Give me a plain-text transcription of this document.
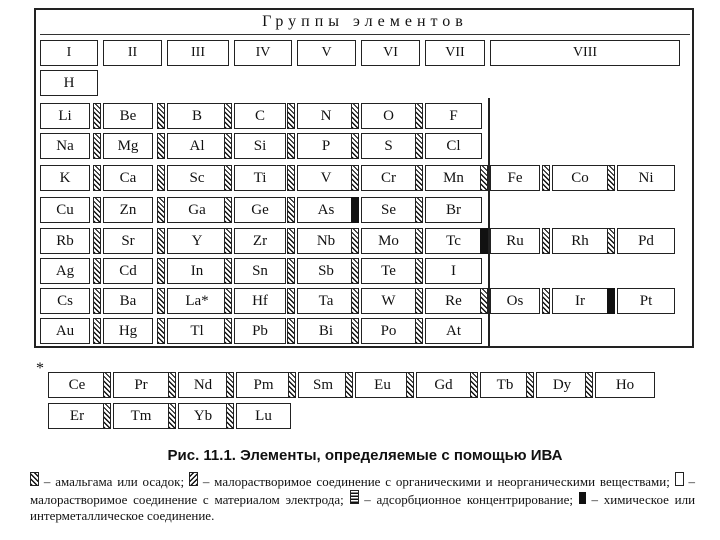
Группы элементов
I	II	III	IV	V	VI	VII	VIII
H
Li	Be	B	C	N	O	F
Na	Mg	Al	Si	P	S	Cl
K	Ca	Sc	Ti	V	Cr	Mn	Fe	Co	Ni
Cu	Zn	Ga	Ge	As	Se	Br
Rb	Sr	Y	Zr	Nb	Mo	Tc	Ru	Rh	Pd
Ag	Cd	In	Sn	Sb	Te	I
Cs	Ba	La*	Hf	Ta	W	Re	Os	Ir	Pt
Au	Hg	Tl	Pb	Bi	Po	At
*
Ce	Pr	Nd	Pm	Sm	Eu	Gd	Tb	Dy	Ho
Er	Tm	Yb	Lu
Рис. 11.1. Элементы, определяемые с помощью ИВА
– амальгама или осадок; – малорастворимое соединение с органическими и неорганическими веществами; – малорастворимое соединение с материалом электрода; – адсорбционное концентрирование; – химическое или интерметаллическое соединение.
